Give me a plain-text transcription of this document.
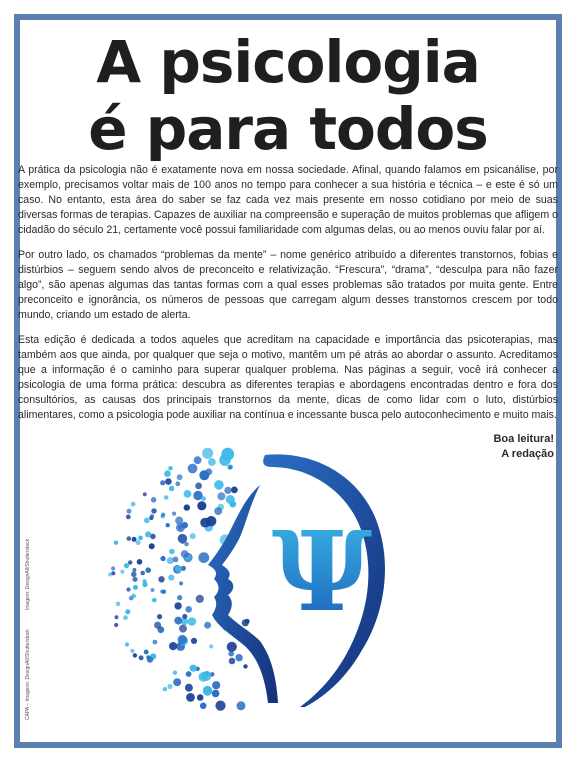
A psicologia
é para todos

A prática da psicologia não é exatamente nova em nossa sociedade. Afinal, quando falamos em psicanálise, por exemplo, precisamos voltar mais de 100 anos no tempo para conhecer a sua história e técnica – e este é só um caso. No entanto, esta área do saber se faz cada vez mais presente em nosso cotidiano por meio de suas diversas formas de terapias. Capazes de auxiliar na compreensão e superação de muitos problemas que afligem o cidadão do século 21, certamente você possui familiaridade com algumas delas, ou ao menos ouviu falar por aí.

Por outro lado, os chamados “problemas da mente” – nome genérico atribuído a diferentes transtornos, fobias e distúrbios – seguem sendo alvos de preconceito e relativização. “Frescura”, “drama”, “desculpa para não fazer algo”, são apenas algumas das tantas formas com a qual esses problemas são tratados por muita gente. Entre preconceito e ignorância, os números de pessoas que carregam algum desses transtornos crescem por todo mundo, criando um estado de alerta.

Esta edição é dedicada a todos aqueles que acreditam na capacidade e importância das psicoterapias, mas também aos que ainda, por qualquer que seja o motivo, mantêm um pé atrás ao abordar o assunto. Acreditamos que a informação é o caminho para superar qualquer problema. Nas páginas a seguir, você irá conhecer a psicologia de uma forma prática: descubra as diferentes terapias e abordagens encontradas dentro e fora dos consultórios, as causas dos principais transtornos da mente, dicas de como lidar com o luto, distúrbios alimentares, como a psicologia pode auxiliar na contínua e incessante busca pelo autoconhecimento e muito mais.

Boa leitura!
A redação
Imagem: DesignAll/Shutterstock
CAPA – Imagens: DesignAll/Shutterstock
Ψ
